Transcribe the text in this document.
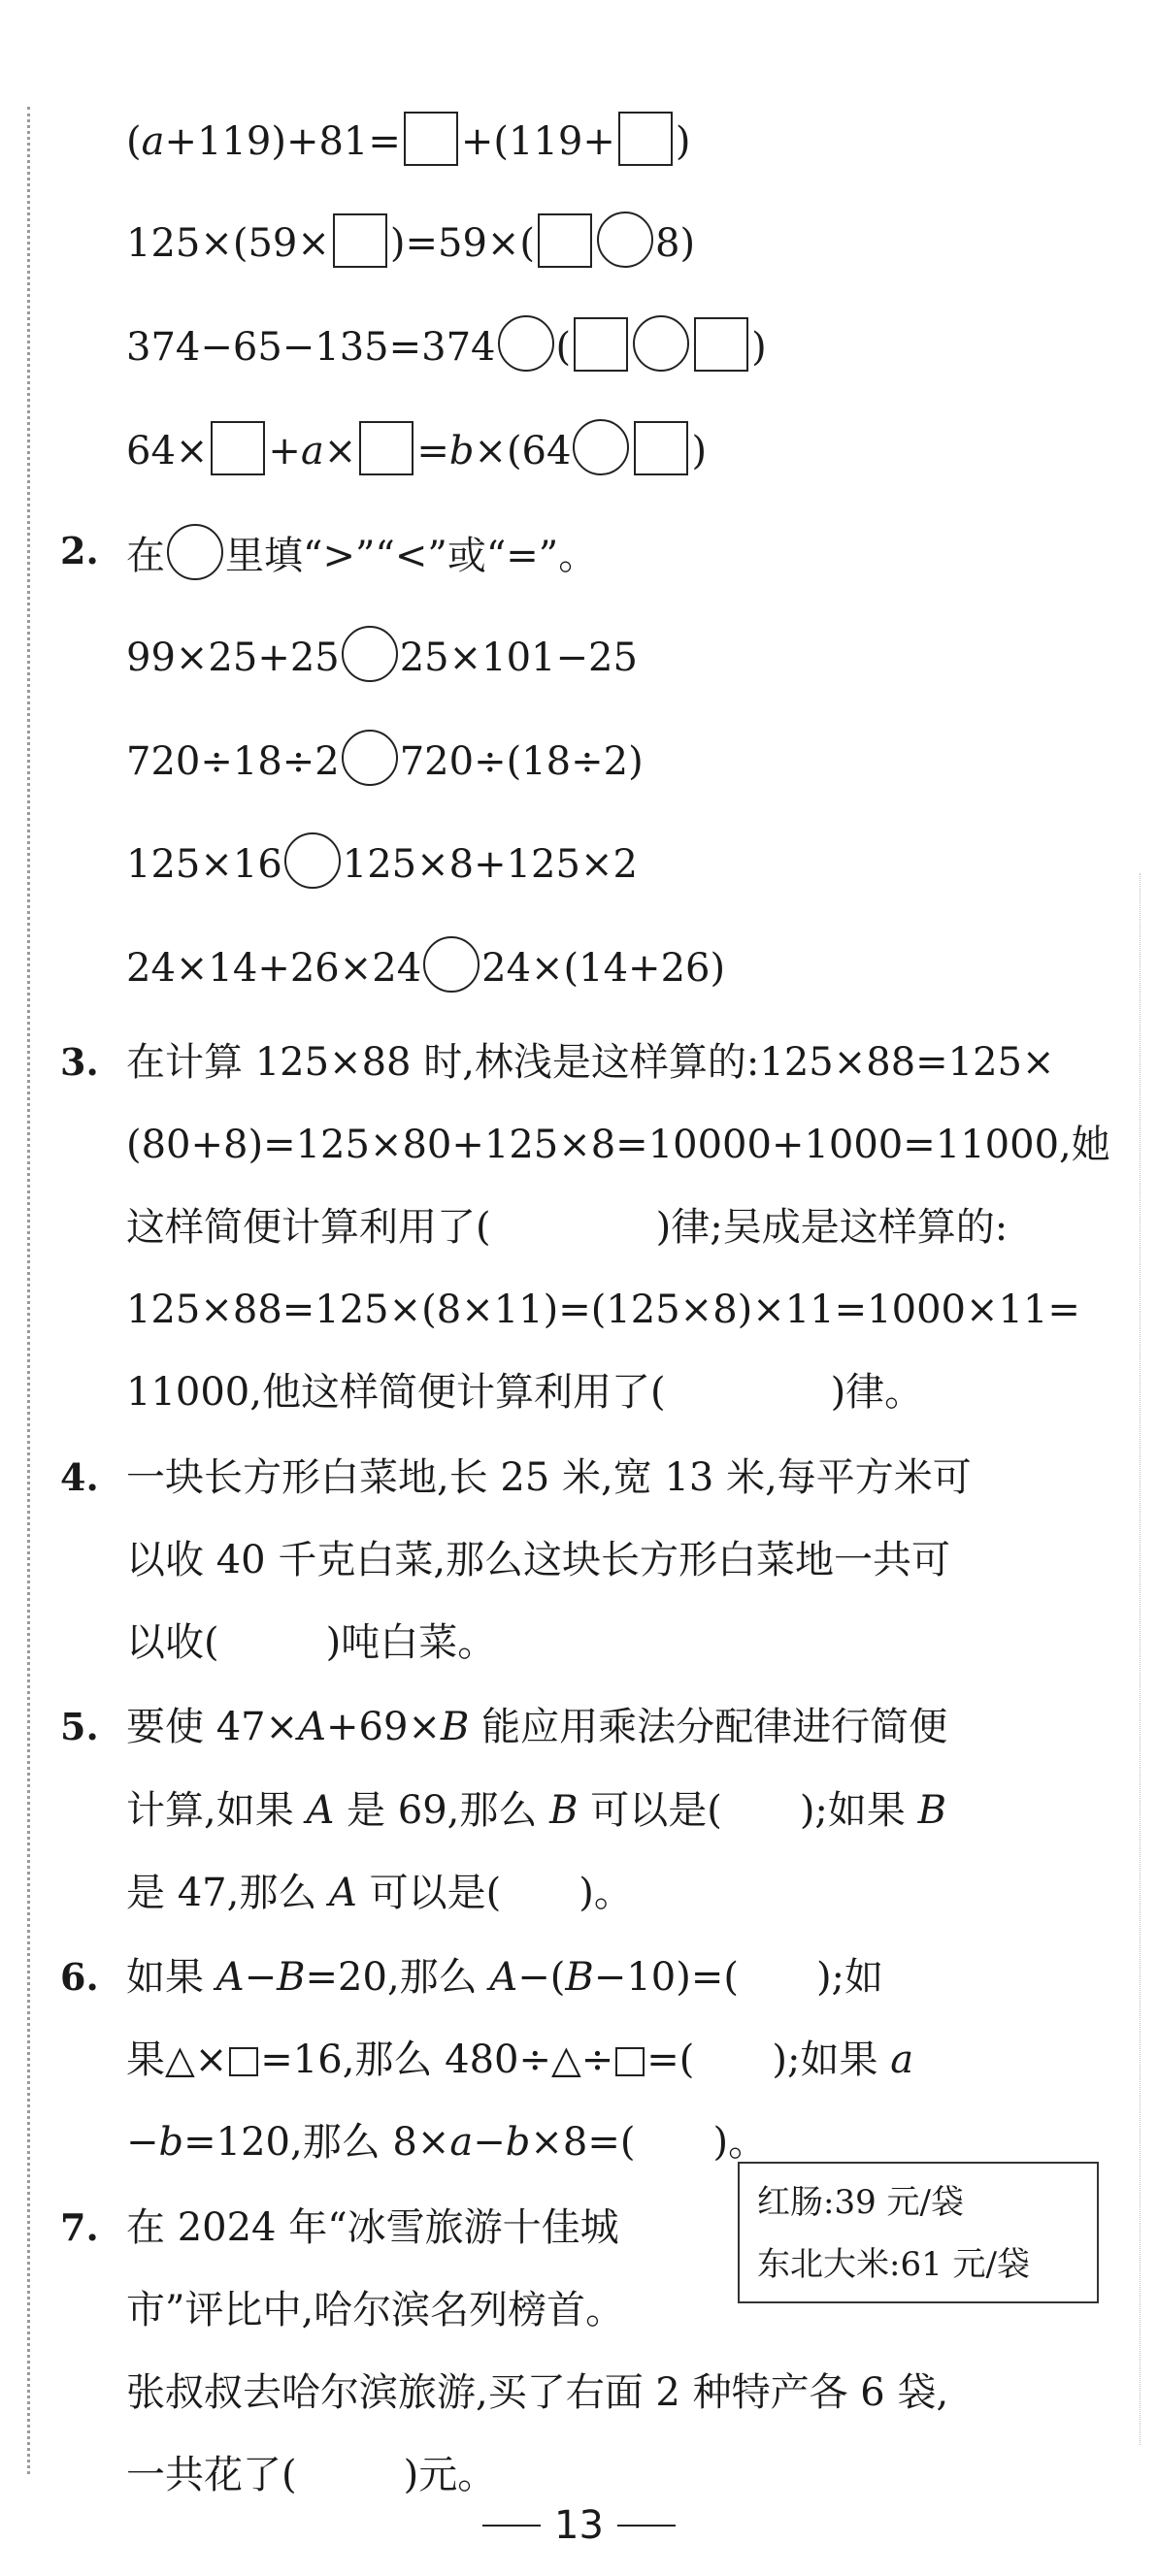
(a+119)+81= +(119+ )
125×(59× )=59×(	8)
374−65−135=374 (	)
64× +a× =b×(64	)
2. 在 里填“>”“<”或“=”。
99×25+25 25×101−25
720÷18÷2 720÷(18÷2)
125×16 125×8+125×2
24×14+26×24 24×(14+26)
3. 在计算 125×88 时,林浅是这样算的:125×88=125×
(80+8)=125×80+125×8=10000+1000=11000,她
这样简便计算利用了(	)律;吴成是这样算的:
125×88=125×(8×11)=(125×8)×11=1000×11=
11000,他这样简便计算利用了(	)律。
4. 一块长方形白菜地,长 25 米,宽 13 米,每平方米可
以收 40 千克白菜,那么这块长方形白菜地一共可
以收(	)吨白菜。
5. 要使 47×A+69×B 能应用乘法分配律进行简便
计算,如果 A 是 69,那么 B 可以是( );如果 B
是 47,那么 A 可以是( )。
6. 如果 A−B=20,那么 A−(B−10)=( );如
果△× =16,那么 480÷△÷ =( );如果 a
−b=120,那么 8×a−b×8=( )。
7. 在 2024 年“冰雪旅游十佳城
市”评比中,哈尔滨名列榜首。
张叔叔去哈尔滨旅游,买了右面 2 种特产各 6 袋,
一共花了(	)元。
红肠:39 元/袋
东北大米:61 元/袋
13
